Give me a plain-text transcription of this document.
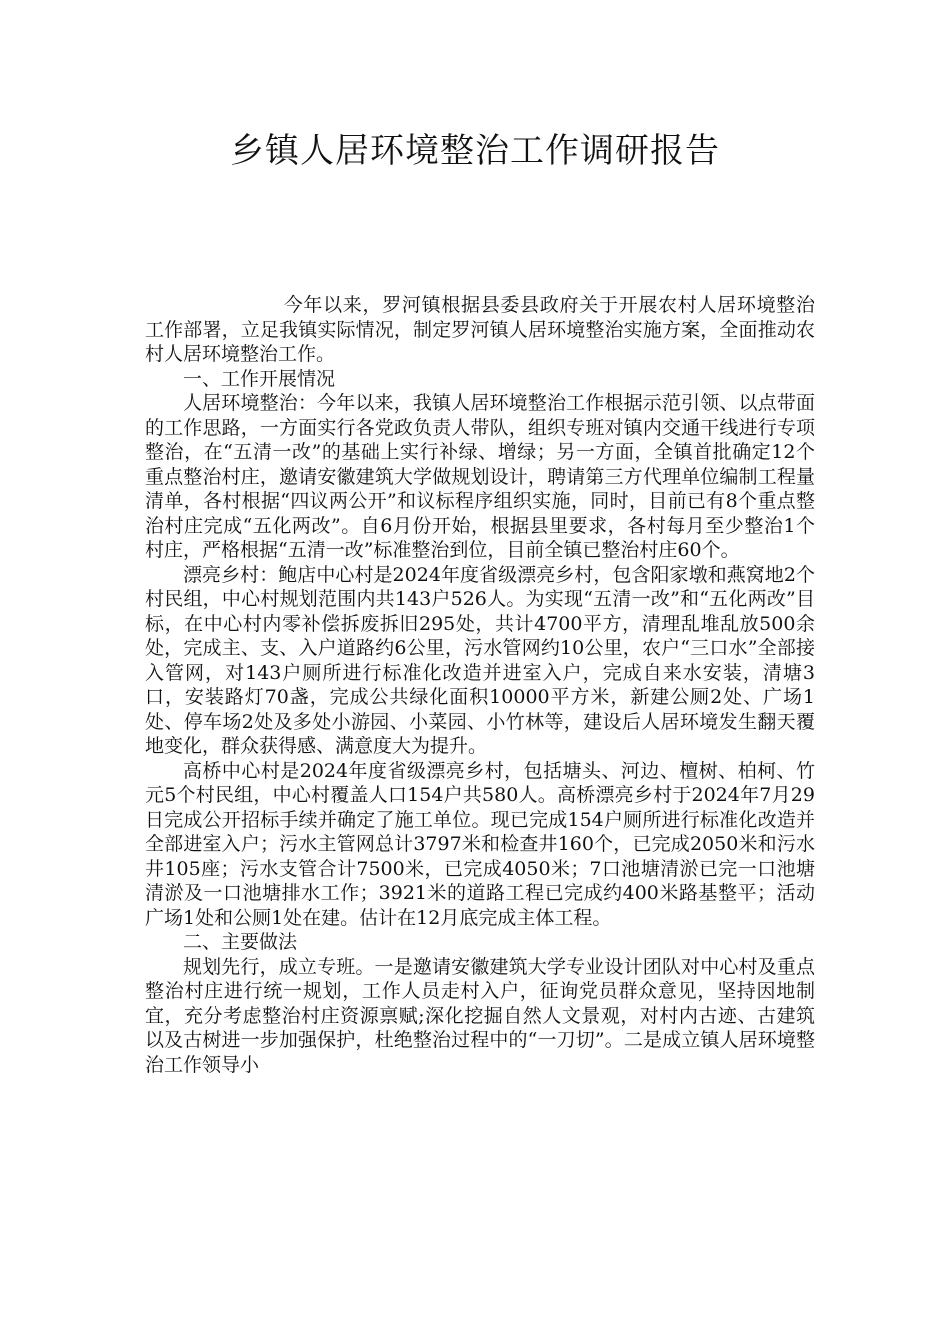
乡镇人居环境整治工作调研报告

今年以来，罗河镇根据县委县政府关于开展农村人居环境整治工作部署，立足我镇实际情况，制定罗河镇人居环境整治实施方案，全面推动农村人居环境整治工作。

一、工作开展情况

人居环境整治：今年以来，我镇人居环境整治工作根据示范引领、以点带面的工作思路，一方面实行各党政负责人带队，组织专班对镇内交通干线进行专项整治，在“五清一改”的基础上实行补绿、增绿；另一方面，全镇首批确定12个重点整治村庄，邀请安徽建筑大学做规划设计，聘请第三方代理单位编制工程量清单，各村根据“四议两公开”和议标程序组织实施，同时，目前已有8个重点整治村庄完成“五化两改”。自6月份开始，根据县里要求，各村每月至少整治1个村庄，严格根据“五清一改”标准整治到位，目前全镇已整治村庄60个。

漂亮乡村：鲍店中心村是2024年度省级漂亮乡村，包含阳家墩和燕窝地2个村民组，中心村规划范围内共143户526人。为实现“五清一改”和“五化两改”目标，在中心村内零补偿拆废拆旧295处，共计4700平方，清理乱堆乱放500余处，完成主、支、入户道路约6公里，污水管网约10公里，农户“三口水”全部接入管网，对143户厕所进行标准化改造并进室入户，完成自来水安装，清塘3口，安装路灯70盏，完成公共绿化面积10000平方米，新建公厕2处、广场1处、停车场2处及多处小游园、小菜园、小竹林等，建设后人居环境发生翻天覆地变化，群众获得感、满意度大为提升。

高桥中心村是2024年度省级漂亮乡村，包括塘头、河边、檀树、柏柯、竹元5个村民组，中心村覆盖人口154户共580人。高桥漂亮乡村于2024年7月29日完成公开招标手续并确定了施工单位。现已完成154户厕所进行标准化改造并全部进室入户；污水主管网总计3797米和检查井160个，已完成2050米和污水井105座；污水支管合计7500米，已完成4050米；7口池塘清淤已完一口池塘清淤及一口池塘排水工作；3921米的道路工程已完成约400米路基整平；活动广场1处和公厕1处在建。估计在12月底完成主体工程。

二、主要做法

规划先行，成立专班。一是邀请安徽建筑大学专业设计团队对中心村及重点整治村庄进行统一规划，工作人员走村入户，征询党员群众意见，坚持因地制宜，充分考虑整治村庄资源禀赋;深化挖掘自然人文景观，对村内古迹、古建筑以及古树进一步加强保护，杜绝整治过程中的“一刀切”。二是成立镇人居环境整治工作领导小
